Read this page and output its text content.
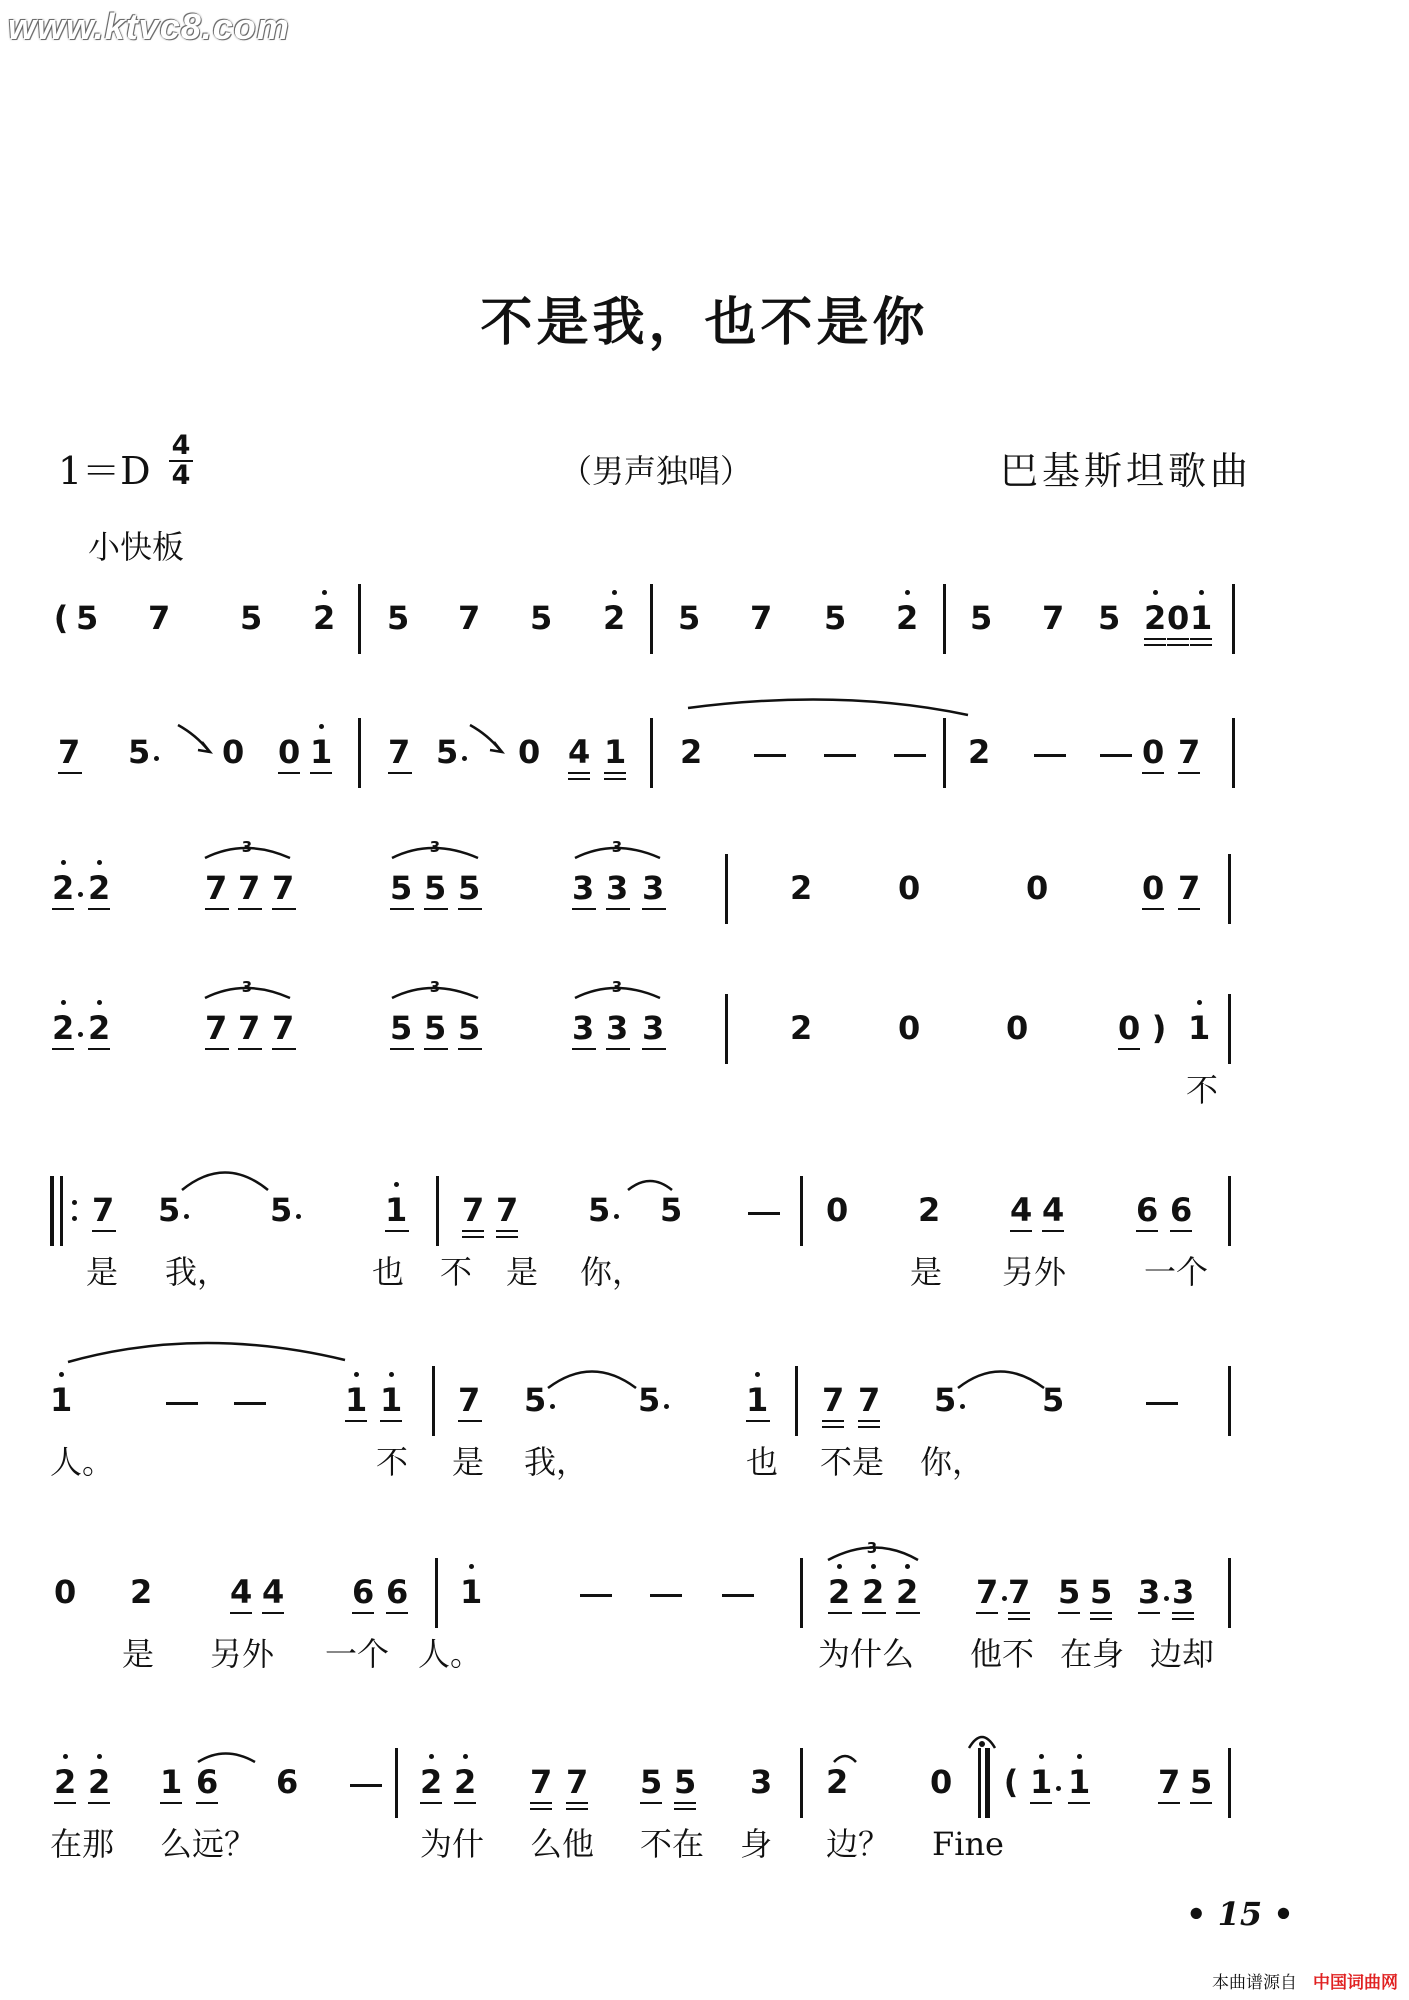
www.ktvc8.com
不是我，也不是你
1＝D
4
4	（男声独唱）	巴基斯坦歌曲
小快板
( 5 7 5 2 5 7 5 2 5 7 5 2 5 7 5 2 0 1
7 5 0 0 1 7 5 0 4 1 2	2	0 7
2 2	7 7 7	5 5 5	3 3 3	2	0	0	0 7
2 2	7 7 7	5 5 5	3 3 3	2	0	0	0 1
)
不
7 5	5	1 7 7 5 5	0 2 4 4 6 6
是 我，	也 不 是 你，	是 另外 一个
1	1 1 7 5	5	1 7 7 5	5
人。	不 是 我，	也 不是 你，
0 2 4 4 6 6 1	2 2 2 7 7 5 5 3 3
是 另外 一个 人。	为什么 他不 在身 边却
2 2 1 6 6	2 2 7 7 5 5 3 2	0 1 1 7 5
(
在那 么远？	为什 么他 不在 身 边？ Fine
3	3	3
3	3	3
3
• 15 •
本曲谱源自 中国词曲网
